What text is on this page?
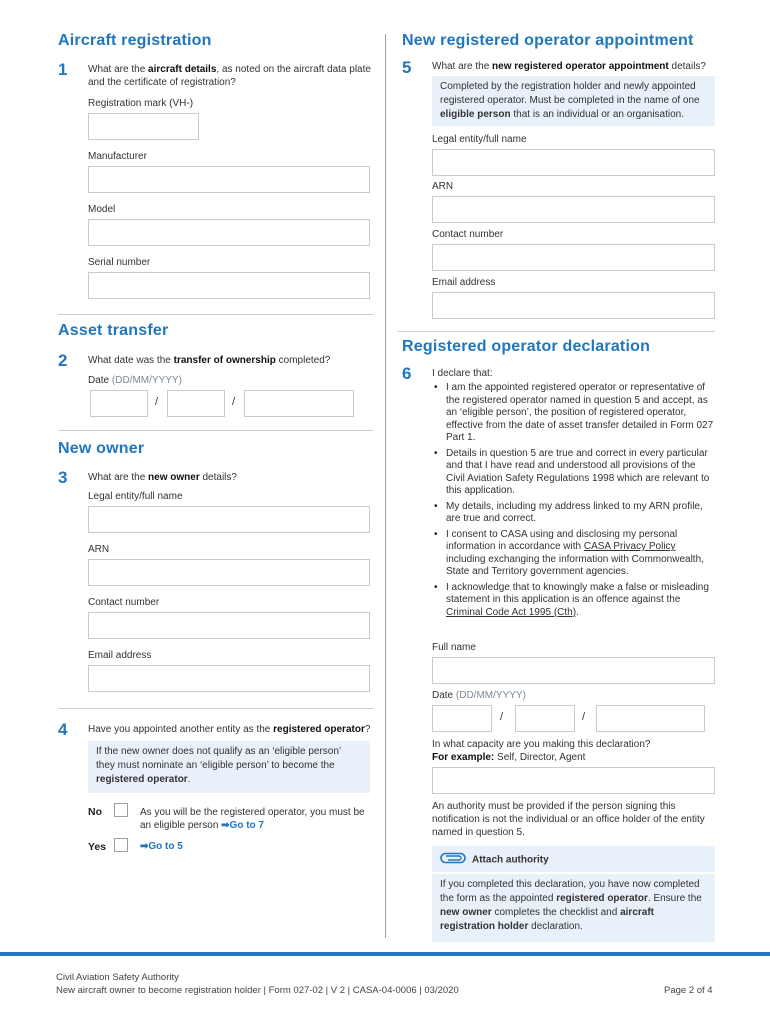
Aircraft registration
1 What are the aircraft details, as noted on the aircraft data plate and the certificate of registration?
Registration mark (VH-)
Manufacturer
Model
Serial number
Asset transfer
2 What date was the transfer of ownership completed?
Date (DD/MM/YYYY)
/	/
New owner
3 What are the new owner details?
Legal entity/full name
ARN
Contact number
Email address
4 Have you appointed another entity as the registered operator?
If the new owner does not qualify as an ‘eligible person’ they must nominate an ‘eligible person’ to become the registered operator.
No	As you will be the registered operator, you must be an eligible person ➡Go to 7
Yes	➡Go to 5
New registered operator appointment
5 What are the new registered operator appointment details?
Completed by the registration holder and newly appointed registered operator. Must be completed in the name of one eligible person that is an individual or an organisation.
Legal entity/full name
ARN
Contact number
Email address
Registered operator declaration
6 I declare that:
• I am the appointed registered operator or representative of the registered operator named in question 5 and accept, as an ‘eligible person’, the position of registered operator, effective from the date of asset transfer detailed in Form 027 Part 1.
• Details in question 5 are true and correct in every particular and that I have read and understood all provisions of the Civil Aviation Safety Regulations 1998 which are relevant to this application.
• My details, including my address linked to my ARN profile, are true and correct.
• I consent to CASA using and disclosing my personal information in accordance with CASA Privacy Policy including exchanging the information with Commonwealth, State and Territory government agencies.
• I acknowledge that to knowingly make a false or misleading statement in this application is an offence against the Criminal Code Act 1995 (Cth).
Full name
Date (DD/MM/YYYY)
/	/
In what capacity are you making this declaration?
For example: Self, Director, Agent
An authority must be provided if the person signing this notification is not the individual or an office holder of the entity named in question 5.
Attach authority
If you completed this declaration, you have now completed the form as the appointed registered operator. Ensure the new owner completes the checklist and aircraft registration holder declaration.
Civil Aviation Safety Authority
New aircraft owner to become registration holder | Form 027-02 | V 2 | CASA-04-0006 | 03/2020	Page 2 of 4
